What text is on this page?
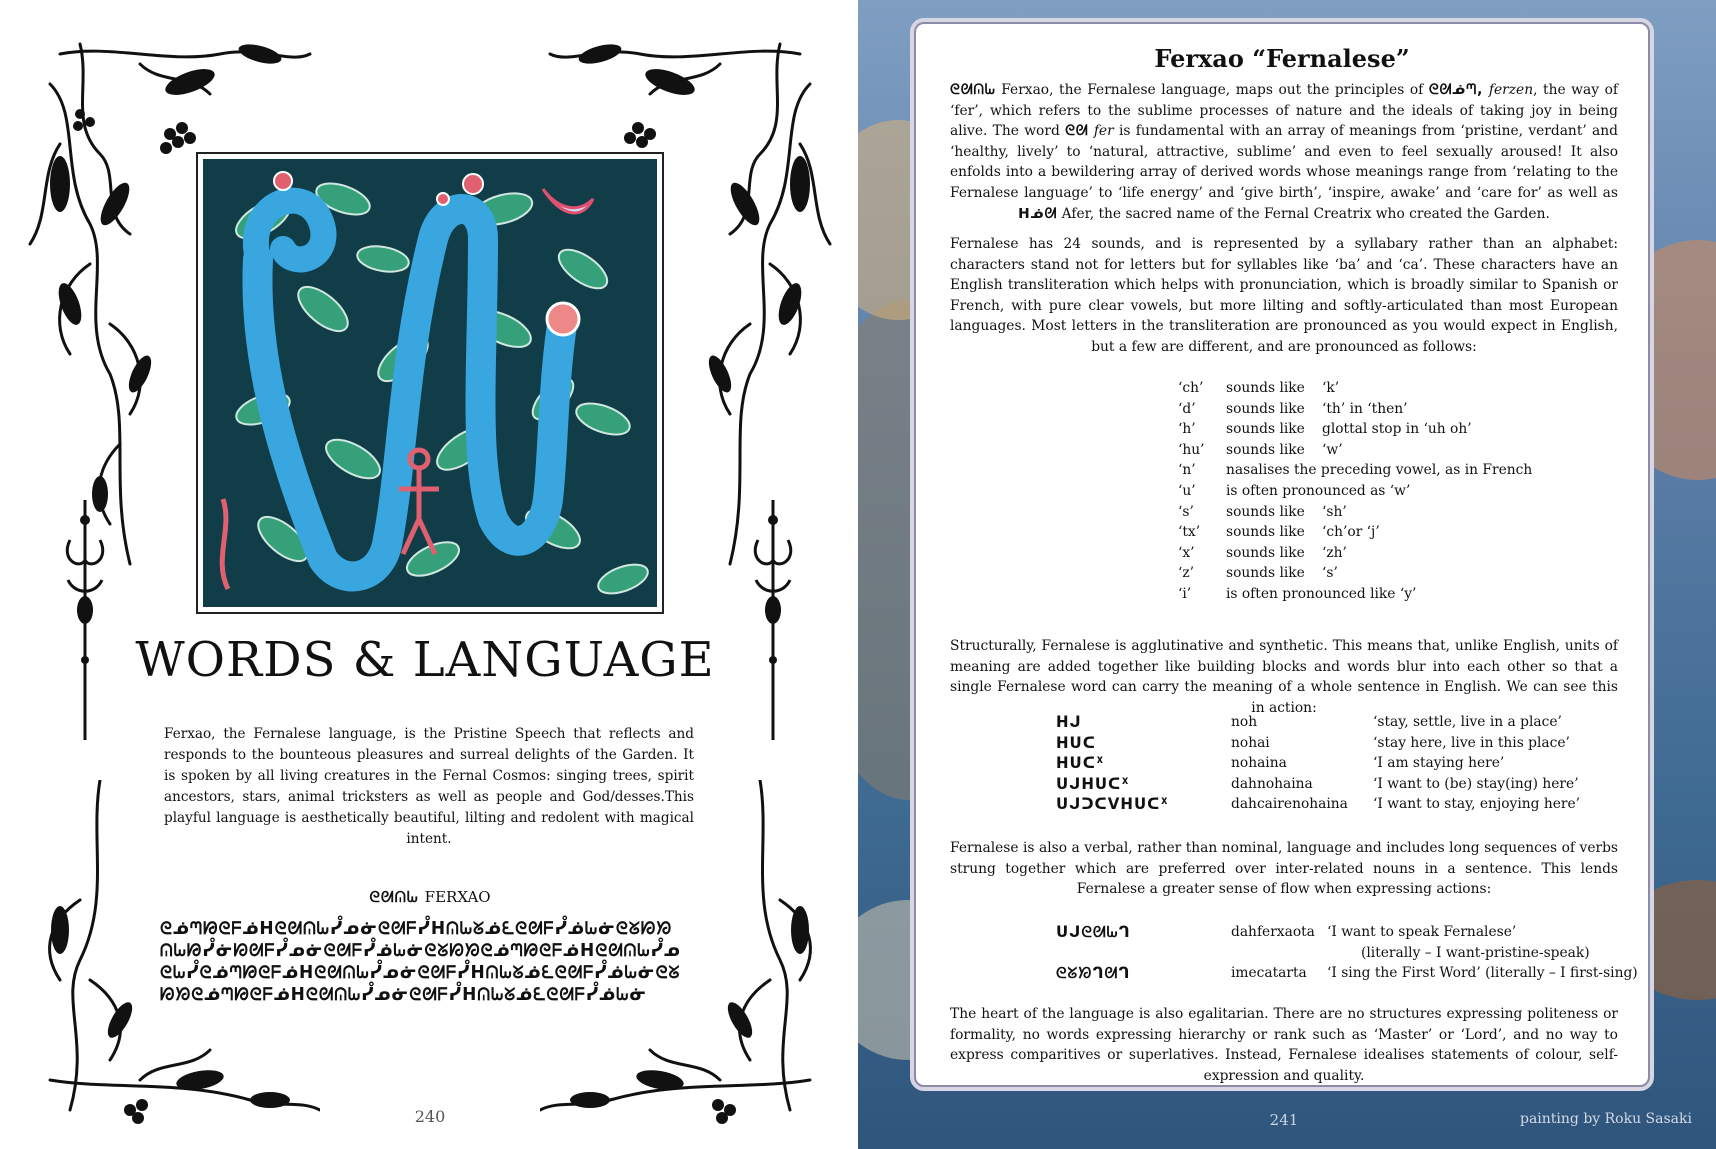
WORDS & LANGUAGE
Ferxao, the Fernalese language, is the Pristine Speech that reflects and responds to the bounteous pleasures and surreal delights of the Garden. It is spoken by all living creatures in the Fernal Cosmos: singing trees, spirit ancestors, stars, animal tricksters as well as people and God/desses.This playful language is aesthetically beautiful, lilting and redolent with magical intent.
ᘓᘛᕬᘈ FERXAO
ᘓᓅᘉᘙᘓᖴᓅᕼᘓᘛᕬᘈᓮᓄᓃᘓᘛᖴᓮᕼᕬᘈᘜᓅᘍᘓᘛᖴᓮᓅᘈᓃᘓᘜᘗᘞ
ᕬᘈᘙᓮᓃᘗᘛᖴᓮᓄᓃᘓᘛᖴᓮᓅᘈᓃᘓᘜᘗᘞᘓᓅᘉᘙᘓᖴᓅᕼᘓᘛᕬᘈᓮᓄ
ᘓᘈᓮᘓᓅᘉᘙᘓᖴᓅᕼᘓᘛᕬᘈᓮᓄᓃᘓᘛᖴᓮᕼᕬᘈᘜᓅᘍᘓᘛᖴᓮᓅᘈᓃᘓᘜ
ᘗᘞᘓᓅᘉᘙᘓᖴᓅᕼᘓᘛᕬᘈᓮᓄᓃᘓᘛᖴᓮᕼᕬᘈᘜᓅᘍᘓᘛᖴᓮᓅᘈᓃ
240
Ferxao “Fernalese”
ᘓᘛᕬᘈ Ferxao, the Fernalese language, maps out the principles of ᘓᘛᓅᘉ, ferzen, the way of ‘fer’, which refers to the sublime processes of nature and the ideals of taking joy in being alive. The word ᘓᘛ fer is fundamental with an array of meanings from ‘pristine, verdant’ and ‘healthy, lively’ to ‘natural, attractive, sublime’ and even to feel sexually aroused! It also enfolds into a bewildering array of derived words whose meanings range from ‘relating to the Fernalese language’ to ‘life energy’ and ‘give birth’, ‘inspire, awake’ and ‘care for’ as well as ᕼᓅᘛ Afer, the sacred name of the Fernal Creatrix who created the Garden.
Fernalese has 24 sounds, and is represented by a syllabary rather than an alphabet: characters stand not for letters but for syllables like ‘ba’ and ‘ca’. These characters have an English transliteration which helps with pronunciation, which is broadly similar to Spanish or French, with pure clear vowels, but more lilting and softly-articulated than most European languages. Most letters in the transliteration are pronounced as you would expect in English, but a few are different, and are pronounced as follows:
‘ch’	sounds like	‘k’
‘d’	sounds like	‘th’ in ‘then’
‘h’	sounds like	glottal stop in ‘uh oh’
‘hu’	sounds like	‘w’
‘n’	nasalises the preceding vowel, as in French	
‘u’	is often pronounced as ‘w’	
‘s’	sounds like	‘sh’
‘tx’	sounds like	‘ch’or ‘j’
‘x’	sounds like	‘zh’
‘z’	sounds like	‘s’
‘i’	is often pronounced like ‘y’	
Structurally, Fernalese is agglutinative and synthetic. This means that, unlike English, units of meaning are added together like building blocks and words blur into each other so that a single Fernalese word can carry the meaning of a whole sentence in English. We can see this in action:
ᕼᒍ	noh	‘stay, settle, live in a place’
ᕼᑌᑕ	nohai	‘stay here, live in this place’
ᕼᑌᑕᕁ	nohaina	‘I am staying here’
ᑌᒍᕼᑌᑕᕁ	dahnohaina	‘I want to (be) stay(ing) here’
ᑌᒍᑐᑕᐯᕼᑌᑕᕁ	dahcairenohaina	‘I want to stay, enjoying here’
Fernalese is also a verbal, rather than nominal, language and includes long sequences of verbs strung together which are preferred over inter-related nouns in a sentence. This lends Fernalese a greater sense of flow when expressing actions:
ᑌᒍᘓᘛᘈᒉ	dahferxaota	‘I want to speak Fernalese’
		(literally – I want-pristine-speak)
ᘓᘜᘞᒉᘛᒉ	imecatarta	‘I sing the First Word’ (literally – I first-sing)
The heart of the language is also egalitarian. There are no structures expressing politeness or formality, no words expressing hierarchy or rank such as ‘Master’ or ‘Lord’, and no way to express comparitives or superlatives. Instead, Fernalese idealises statements of colour, self-expression and quality.
241	painting by Roku Sasaki
